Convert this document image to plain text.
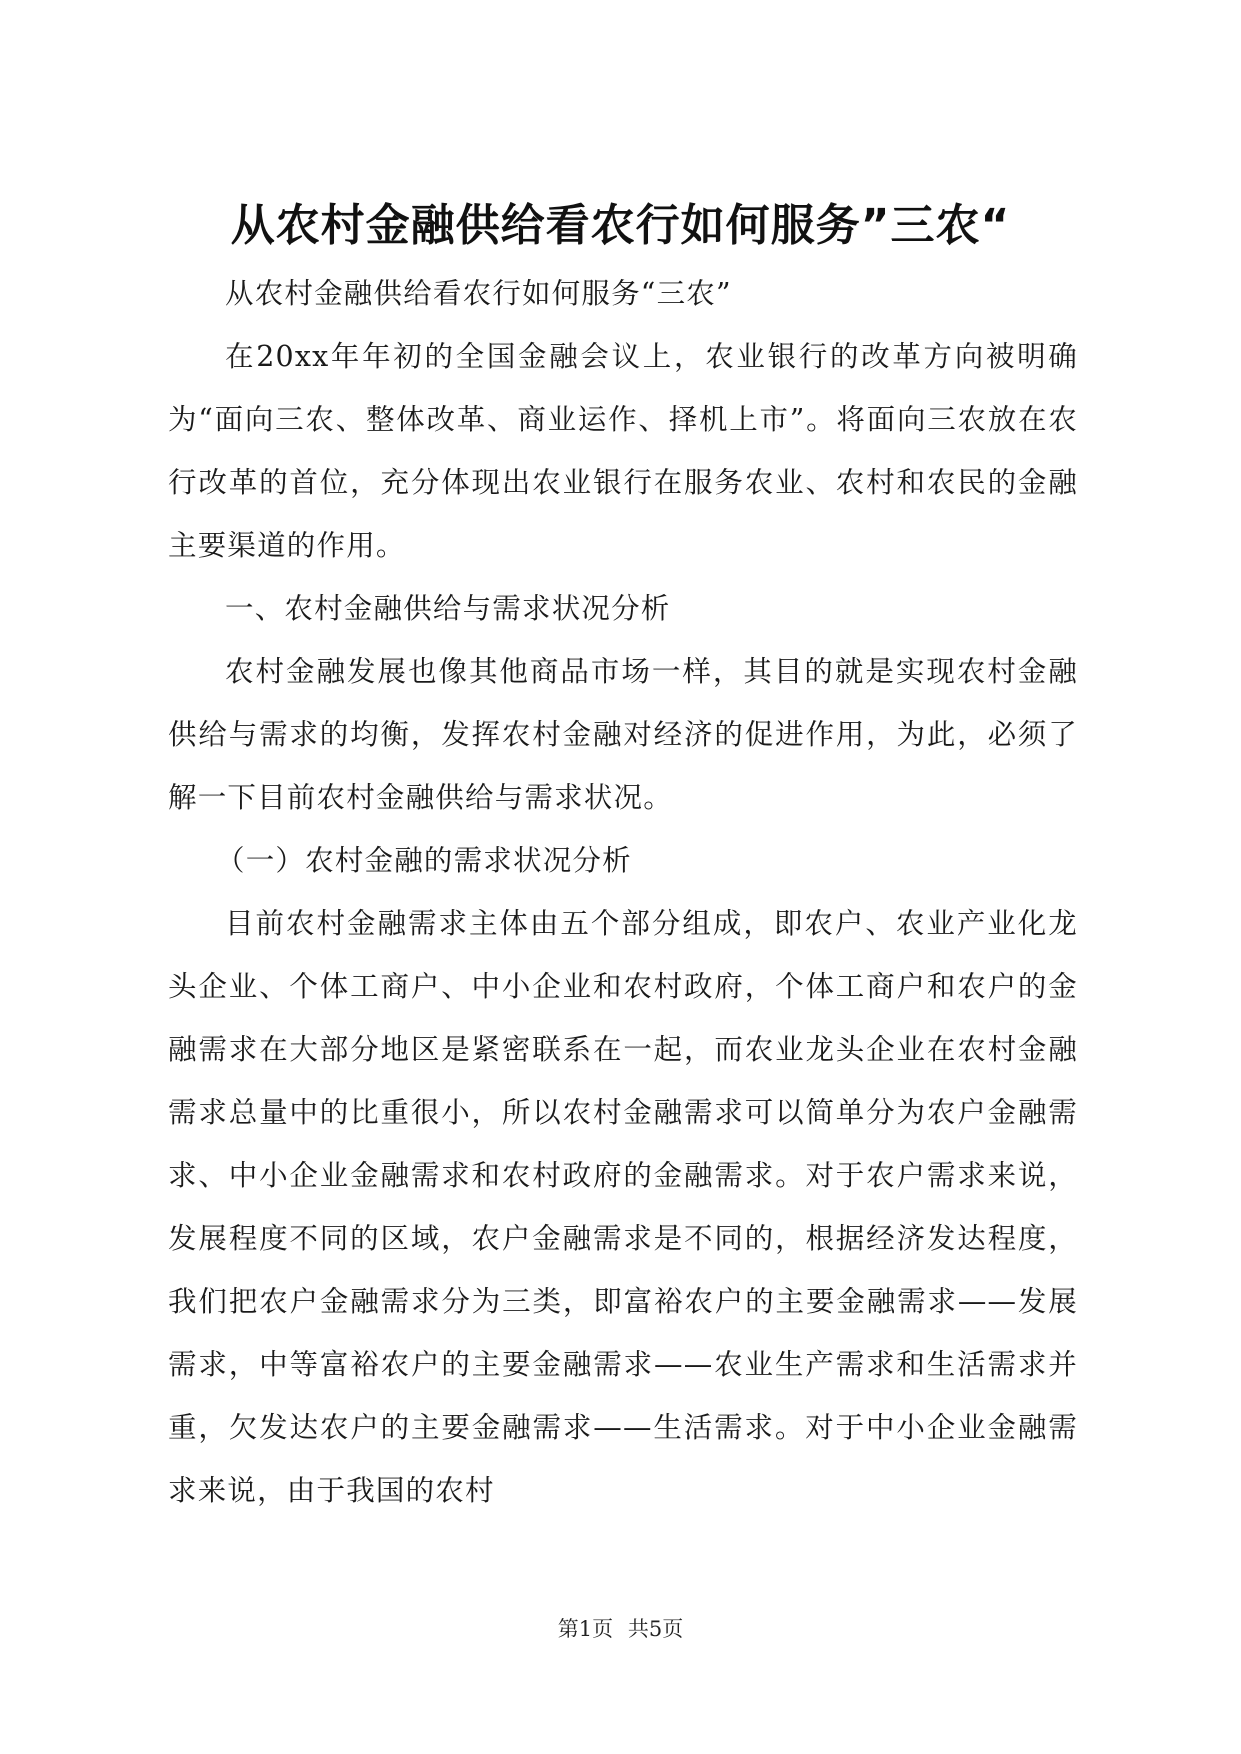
从农村金融供给看农行如何服务”三农“

从农村金融供给看农行如何服务“三农”

在20xx年年初的全国金融会议上，农业银行的改革方向被明确为“面向三农、整体改革、商业运作、择机上市”。将面向三农放在农行改革的首位，充分体现出农业银行在服务农业、农村和农民的金融主要渠道的作用。

一、农村金融供给与需求状况分析

农村金融发展也像其他商品市场一样，其目的就是实现农村金融供给与需求的均衡，发挥农村金融对经济的促进作用，为此，必须了解一下目前农村金融供给与需求状况。

（一）农村金融的需求状况分析

目前农村金融需求主体由五个部分组成，即农户、农业产业化龙头企业、个体工商户、中小企业和农村政府，个体工商户和农户的金融需求在大部分地区是紧密联系在一起，而农业龙头企业在农村金融需求总量中的比重很小，所以农村金融需求可以简单分为农户金融需求、中小企业金融需求和农村政府的金融需求。对于农户需求来说，发展程度不同的区域，农户金融需求是不同的，根据经济发达程度，我们把农户金融需求分为三类，即富裕农户的主要金融需求——发展需求，中等富裕农户的主要金融需求——农业生产需求和生活需求并重，欠发达农户的主要金融需求——生活需求。对于中小企业金融需求来说，由于我国的农村

第1页 共5页
